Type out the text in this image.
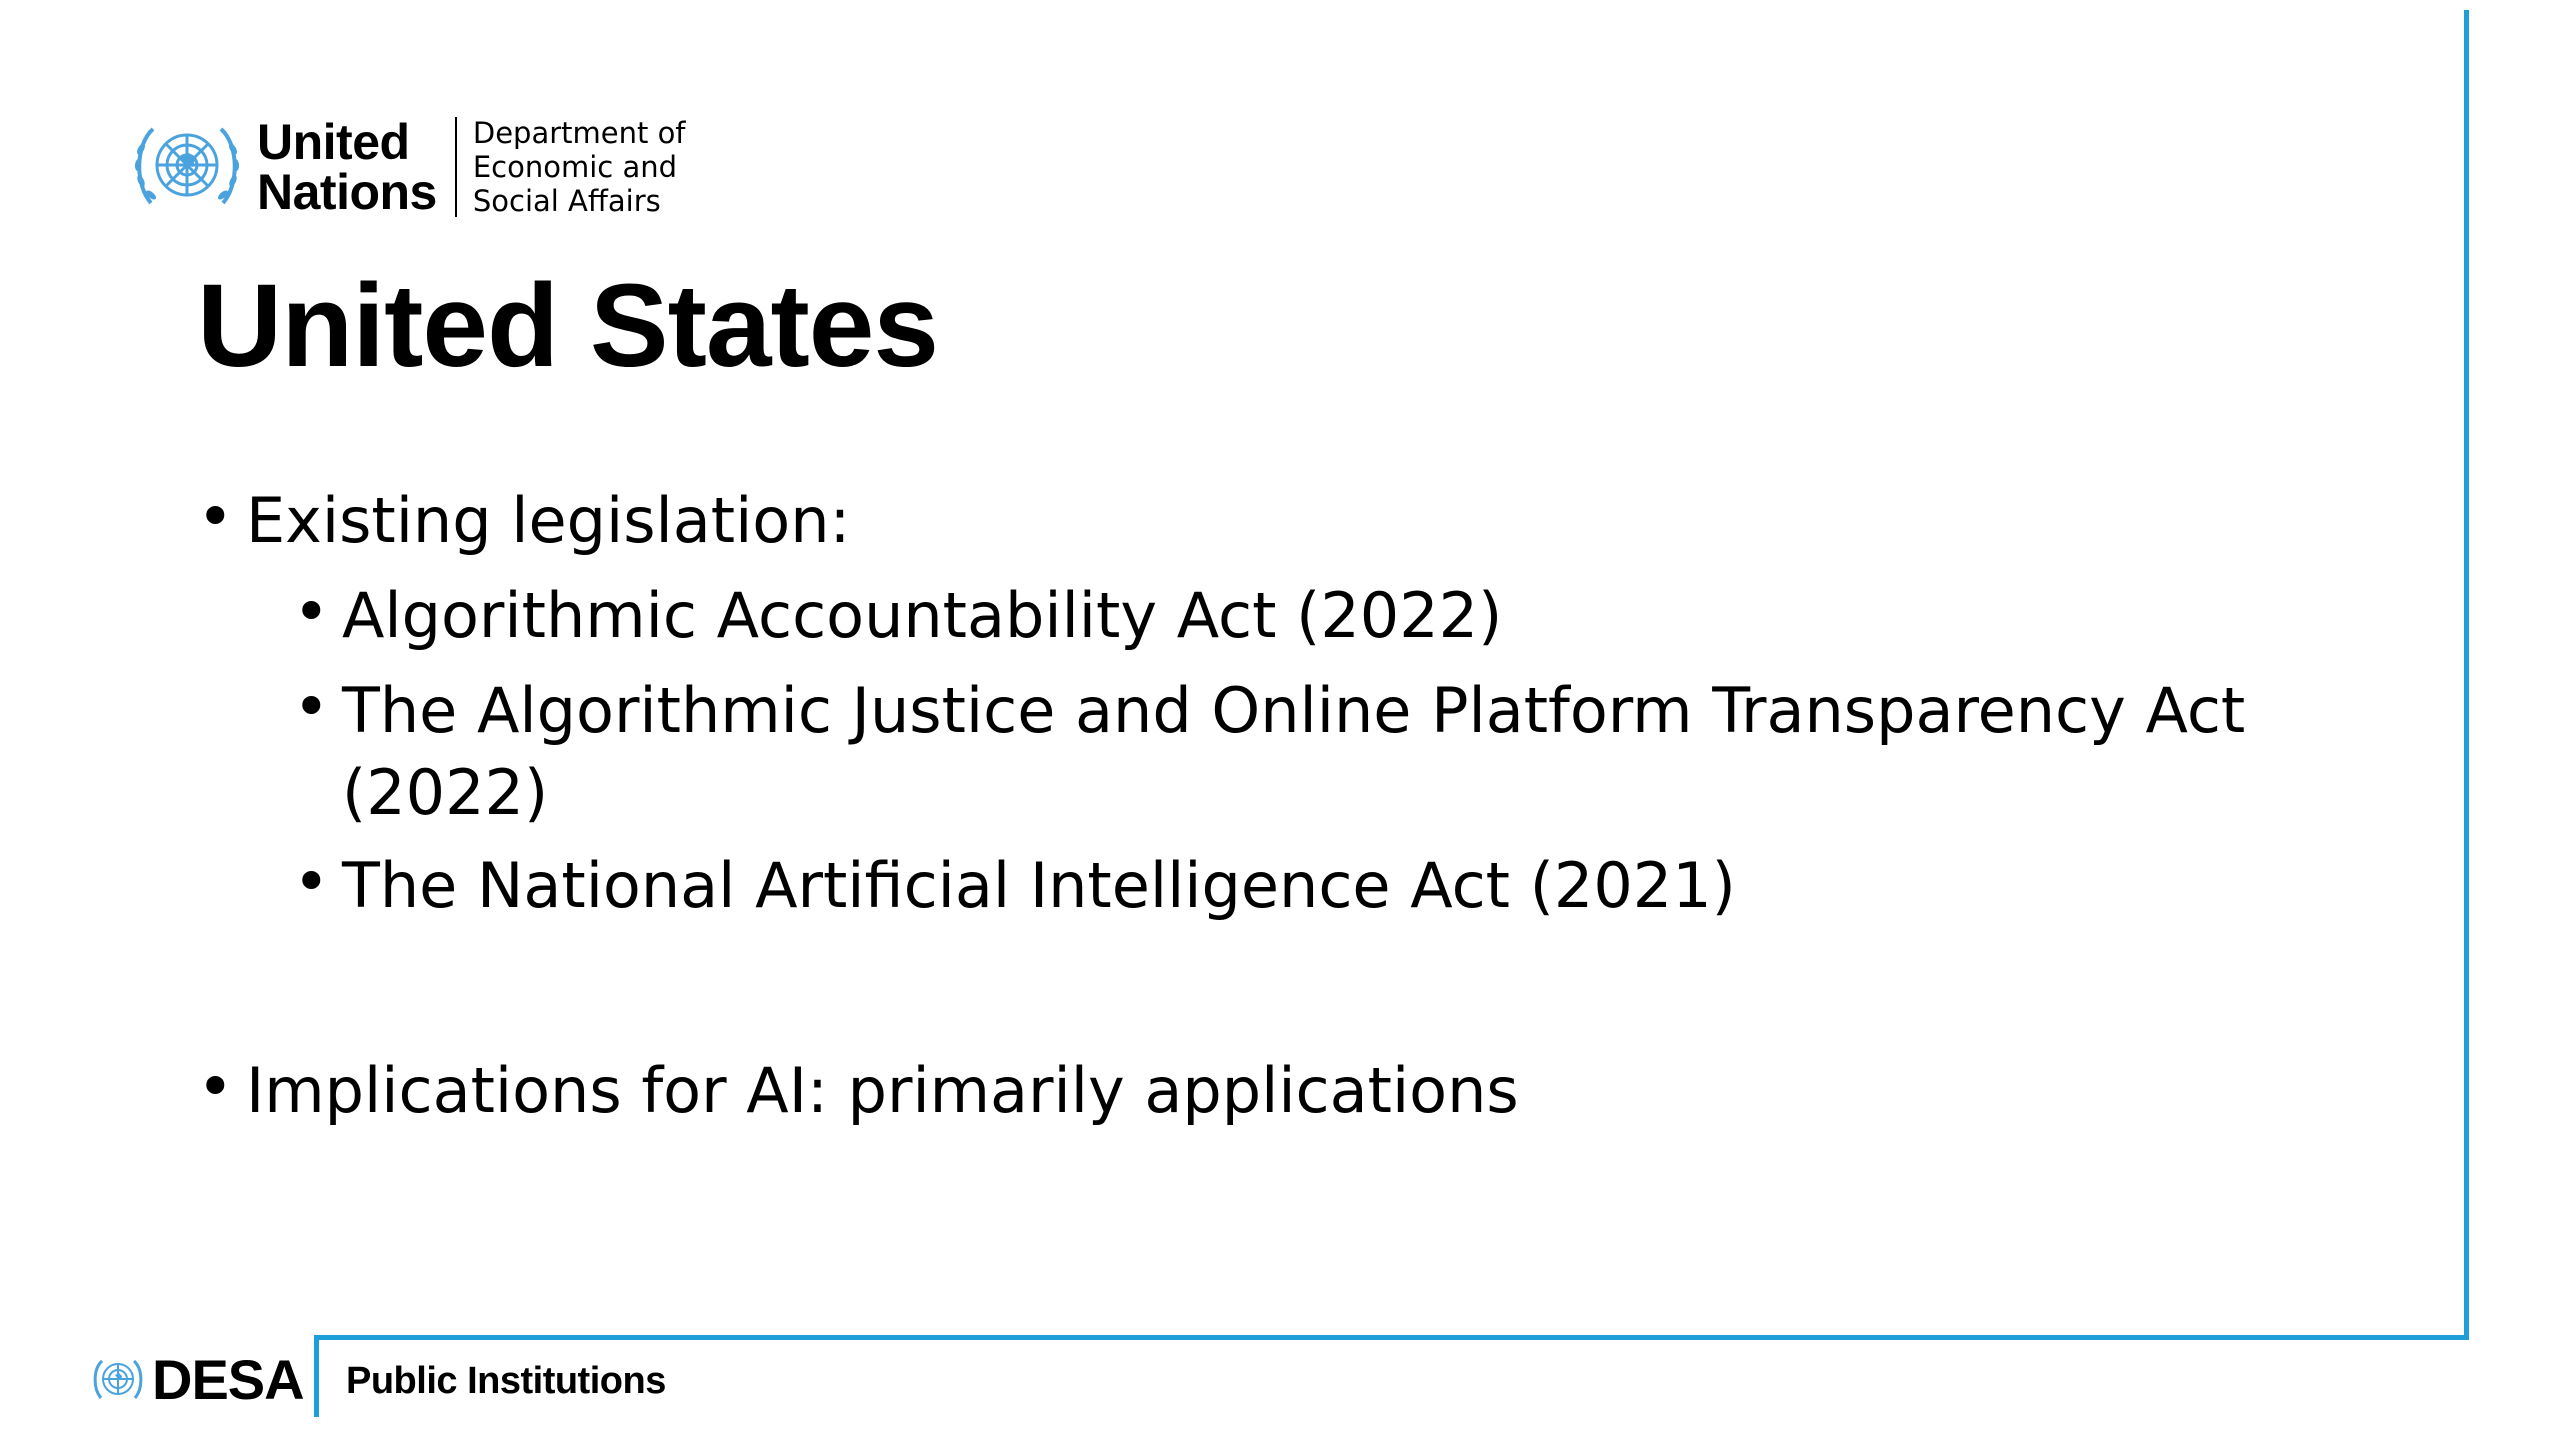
United
Nations
Department of
Economic and
Social Affairs
United States
•
Existing legislation:
•
Algorithmic Accountability Act (2022)
•
The Algorithmic Justice and Online Platform Transparency Act
(2022)
•
The National Artificial Intelligence Act (2021)
•
Implications for AI: primarily applications
DESA Public Institutions
